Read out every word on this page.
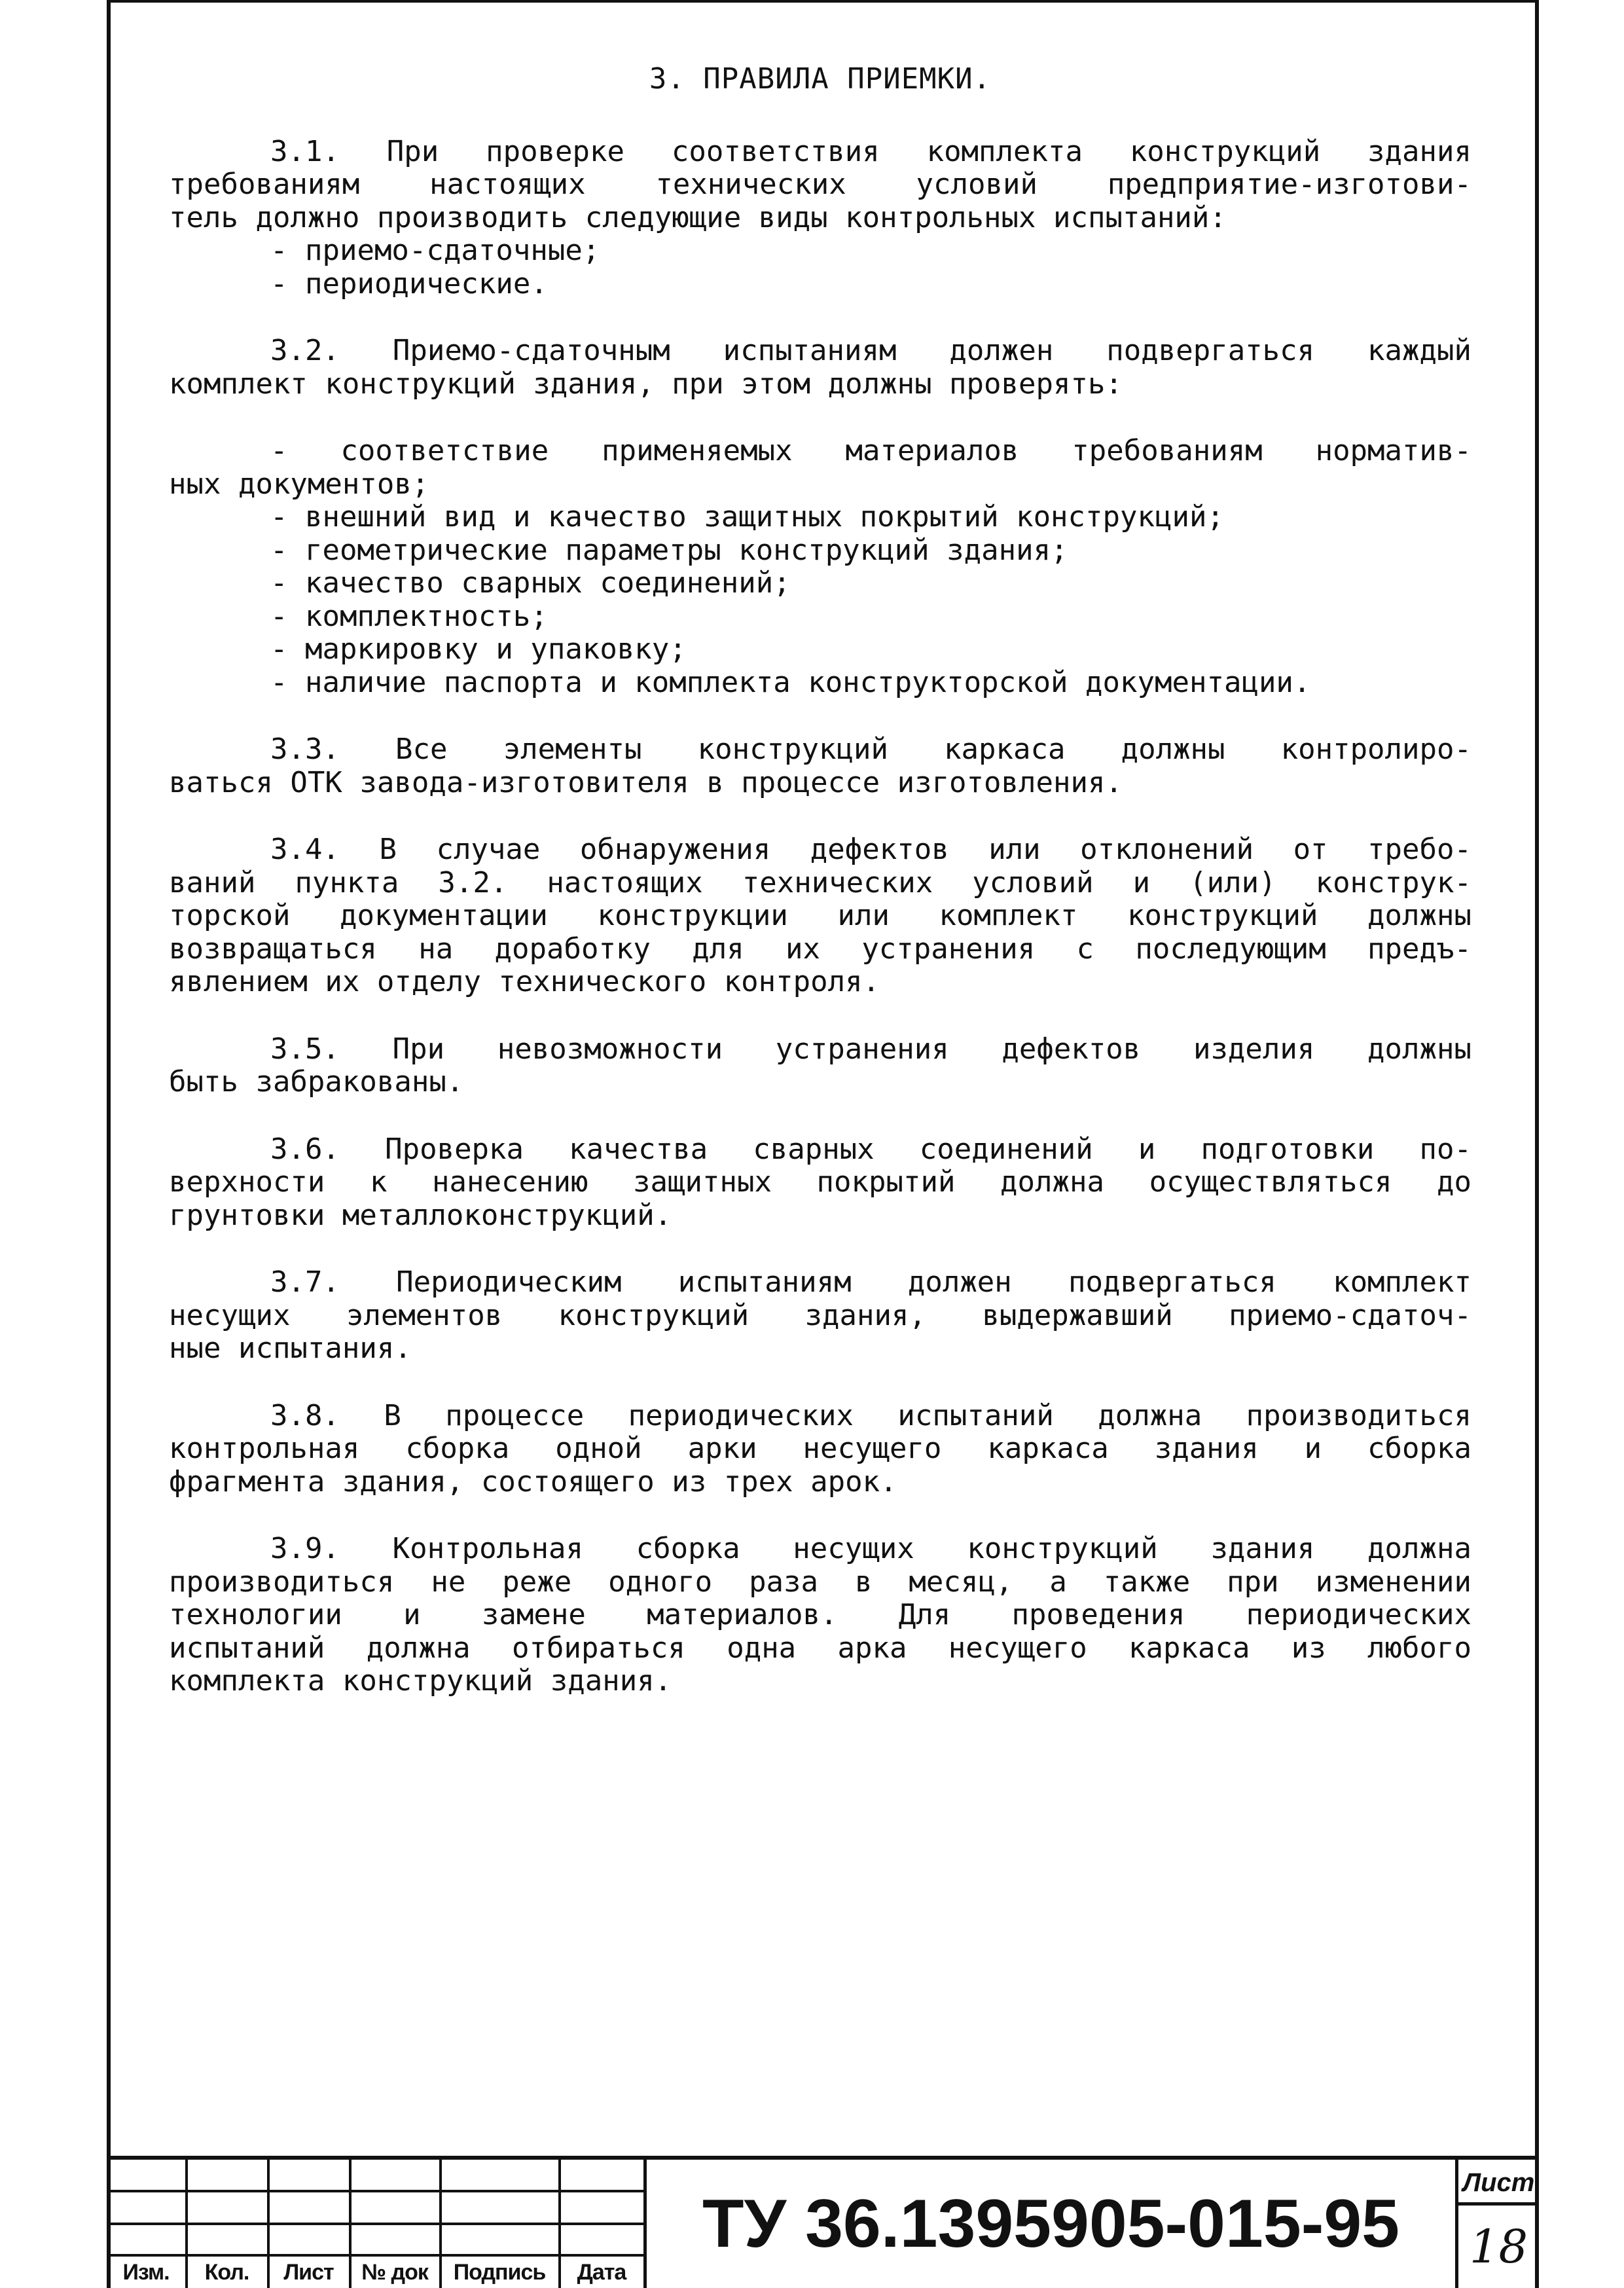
3. ПРАВИЛА ПРИЕМКИ.
3.1. При проверке соответствия комплекта конструкций здания
требованиям настоящих технических условий предприятие-изготови-
тель должно производить следующие виды контрольных испытаний:
- приемо-сдаточные;
- периодические.
3.2. Приемо-сдаточным испытаниям должен подвергаться каждый
комплект конструкций здания, при этом должны проверять:
- соответствие применяемых материалов требованиям норматив-
ных документов;
- внешний вид и качество защитных покрытий конструкций;
- геометрические параметры конструкций здания;
- качество сварных соединений;
- комплектность;
- маркировку и упаковку;
- наличие паспорта и комплекта конструкторской документации.
3.3. Все элементы конструкций каркаса должны контролиро-
ваться ОТК завода-изготовителя в процессе изготовления.
3.4. В случае обнаружения дефектов или отклонений от требо-
ваний пункта 3.2. настоящих технических условий и (или) конструк-
торской документации конструкции или комплект конструкций должны
возвращаться на доработку для их устранения с последующим предъ-
явлением их отделу технического контроля.
3.5. При невозможности устранения дефектов изделия должны
быть забракованы.
3.6. Проверка качества сварных соединений и подготовки по-
верхности к нанесению защитных покрытий должна осуществляться до
грунтовки металлоконструкций.
3.7. Периодическим испытаниям должен подвергаться комплект
несущих элементов конструкций здания, выдержавший приемо-сдаточ-
ные испытания.
3.8. В процессе периодических испытаний должна производиться
контрольная сборка одной арки несущего каркаса здания и сборка
фрагмента здания, состоящего из трех арок.
3.9. Контрольная сборка несущих конструкций здания должна
производиться не реже одного раза в месяц, а также при изменении
технологии и замене материалов. Для проведения периодических
испытаний должна отбираться одна арка несущего каркаса из любого
комплекта конструкций здания.
Изм.	Кол.	Лист	№ док	Подпись	Дата
ТУ 36.1395905-015-95
Лист
18
